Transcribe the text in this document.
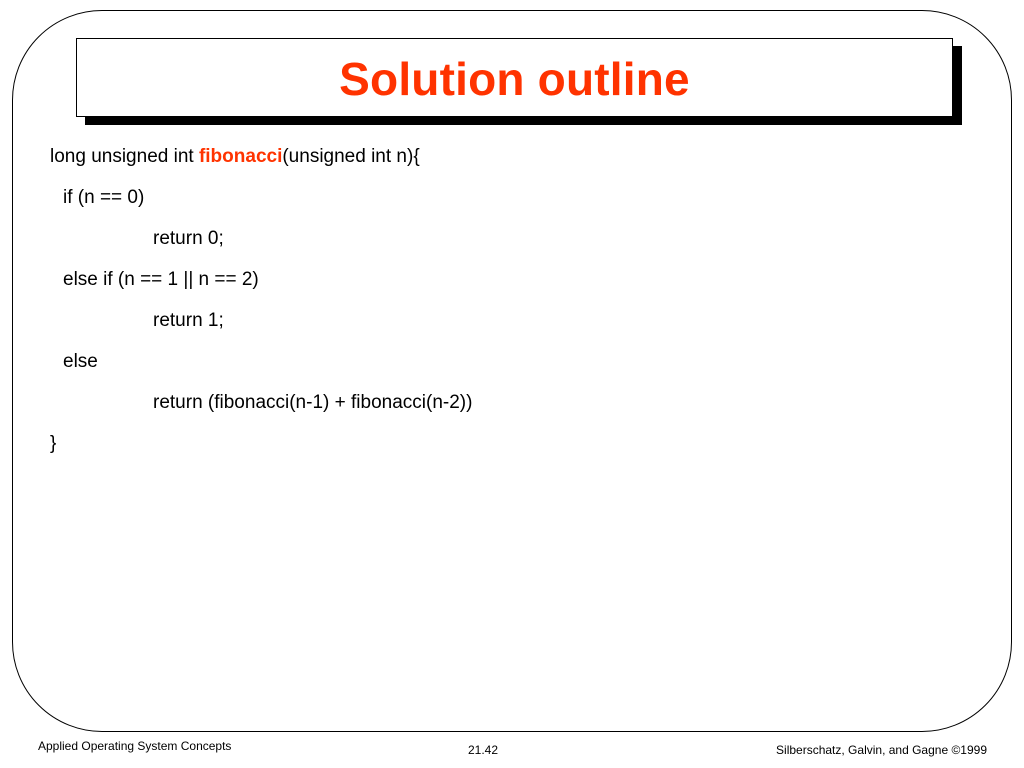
Solution outline
long unsigned int fibonacci(unsigned int n){
if (n == 0)
return 0;
else if (n == 1 || n == 2)
return 1;
else
return (fibonacci(n-1) + fibonacci(n-2))
}
Applied Operating System Concepts	21.42	Silberschatz, Galvin, and Gagne ©1999
